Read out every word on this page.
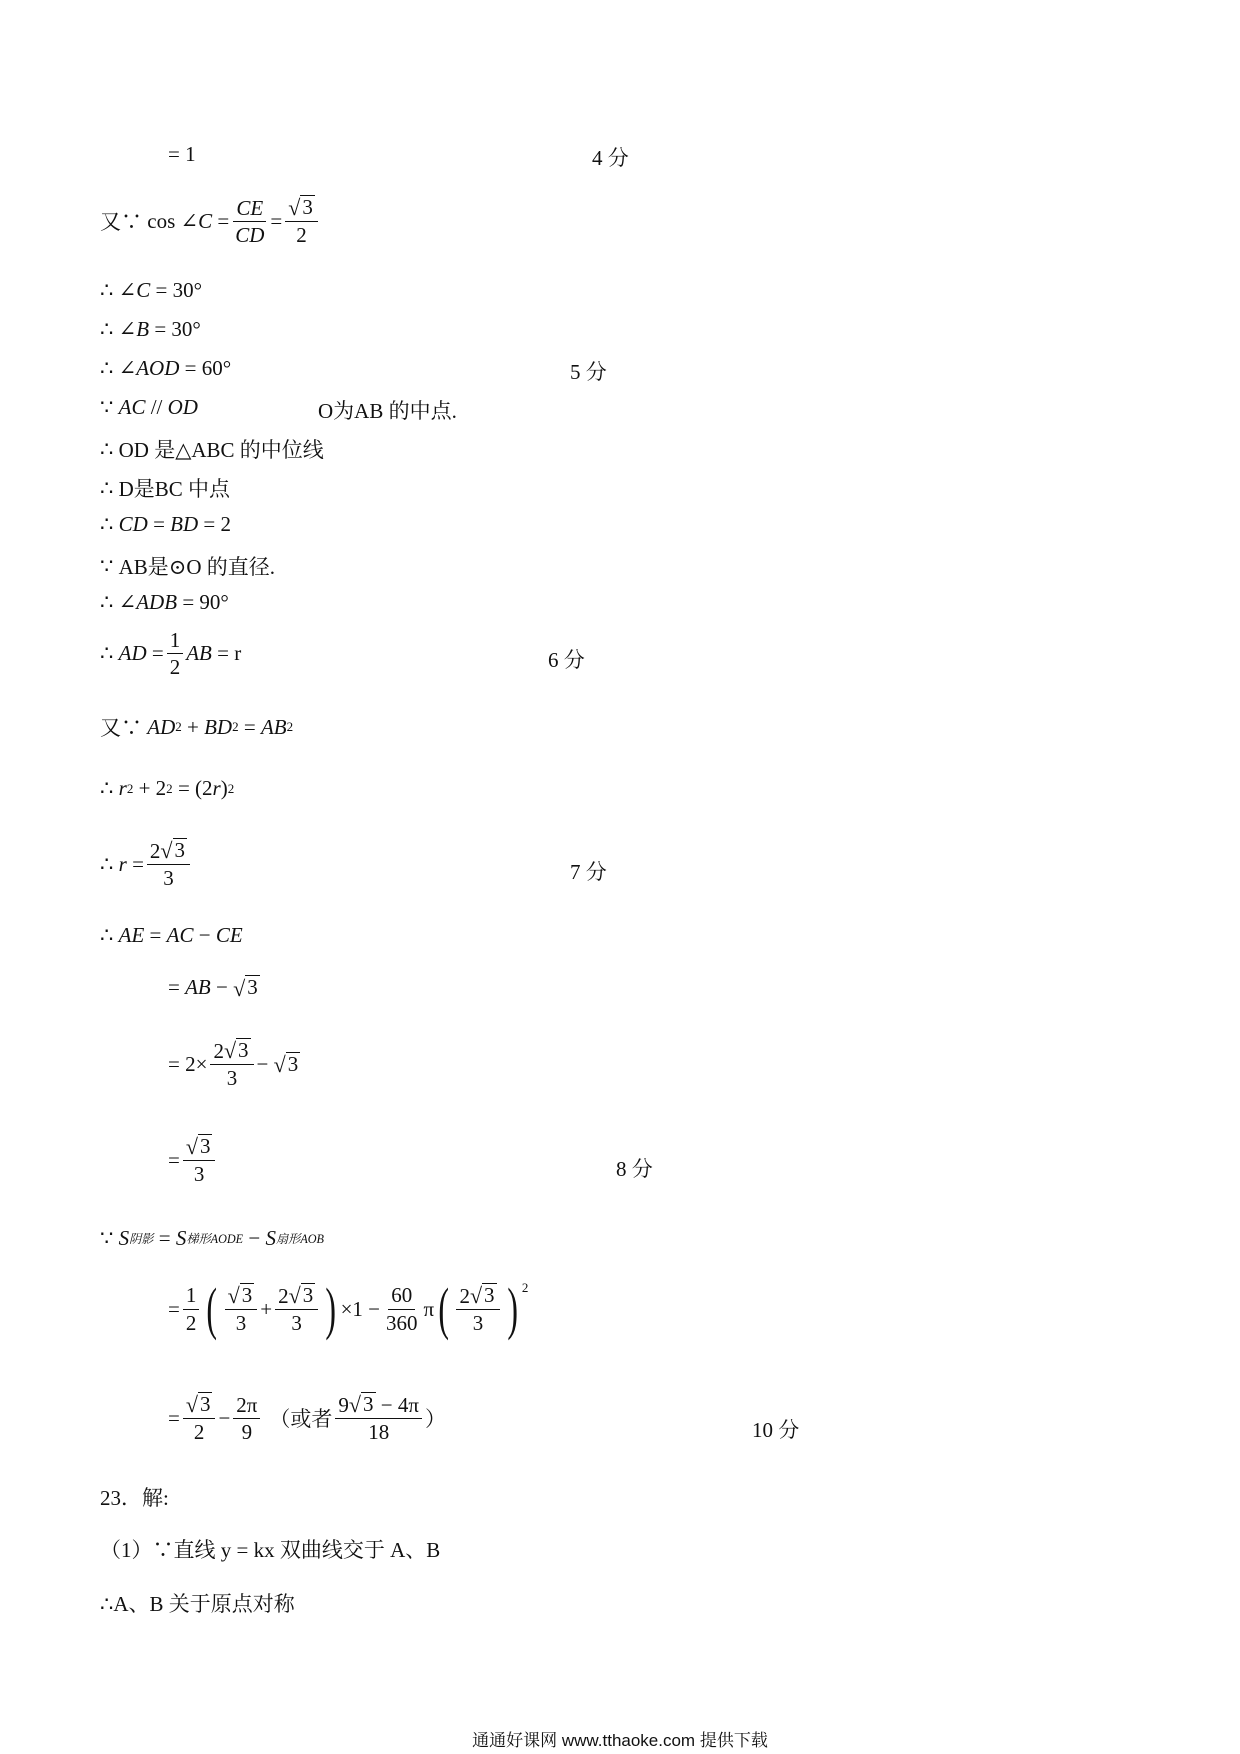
= 1	4 分
又∵ cos ∠C = $\frac{CE}{CD} = \frac{√ 3}{2}$
∴ ∠ C = 30°
∴ ∠ B = 30°
∴ ∠ AOD = 60°	5 分
∵
AC // OD	O为AB 的中点.
∴
OD 是△ABC 的中位线
∴
D是BC 中点
∴
CD = BD = 2
∵
AB是⊙O 的直径.
∴ ∠ ADB = 90°
∴
AD =
1
2
AB = r	6 分
又∵
AD 2 + BD 2 = AB 2
∴
r 2 + 2 2 = (2 r ) 2
∴
r =
2 √ 3
3	7 分
∴
AE = AC − CE
= AB − √ 3
= 2×
2 √ 3
3
− √ 3
=
√ 3
3	8 分
∵
S 阴影 = S 梯形AODE − S 扇形AOB
=
1
2 ( √ 3
3
+
2 √ 3
3 ) ×1 −
60
360
π ( 2 √ 3
3 ) $^2$
=
√ 3
2
−
2π
9
（或者
9 √ 3 − 4π
18
）	10 分
23．解:
（1）∵直线 y = kx 双曲线交于 A、B
∴A、B 关于原点对称
通通好课网 www.tthaoke.com 提供下载
